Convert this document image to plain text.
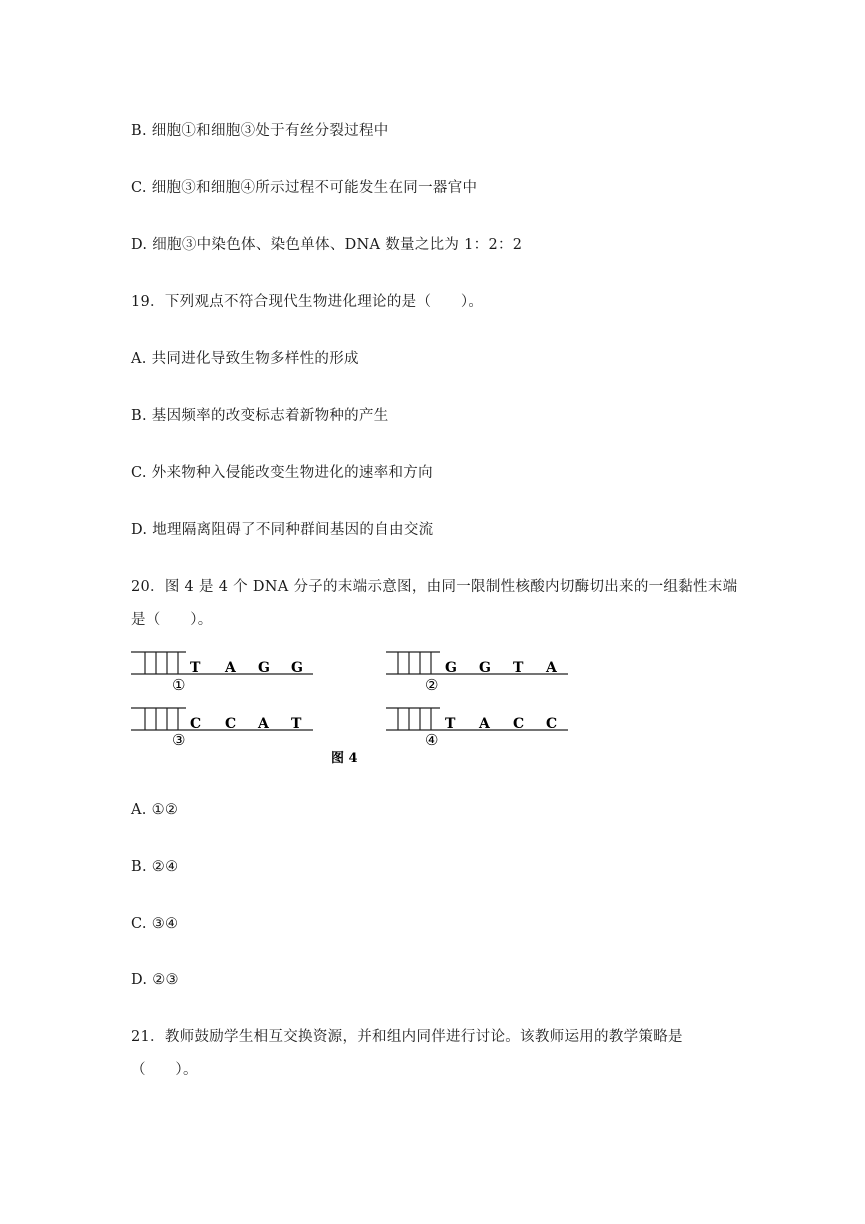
B. 细胞①和细胞③处于有丝分裂过程中
C. 细胞③和细胞④所示过程不可能发生在同一器官中
D. 细胞③中染色体、染色单体、DNA 数量之比为 1：2：2
19．下列观点不符合现代生物进化理论的是（　　）。
A. 共同进化导致生物多样性的形成
B. 基因频率的改变标志着新物种的产生
C. 外来物种入侵能改变生物进化的速率和方向
D. 地理隔离阻碍了不同种群间基因的自由交流
20．图 4 是 4 个 DNA 分子的末端示意图，由同一限制性核酸内切酶切出来的一组黏性末端
是（　　）。
T A G G
①
G G T A
②
C C A T
③
T A C C
④
图 4
A. ①②
B. ②④
C. ③④
D. ②③
21．教师鼓励学生相互交换资源，并和组内同伴进行讨论。该教师运用的教学策略是
（　　）。
